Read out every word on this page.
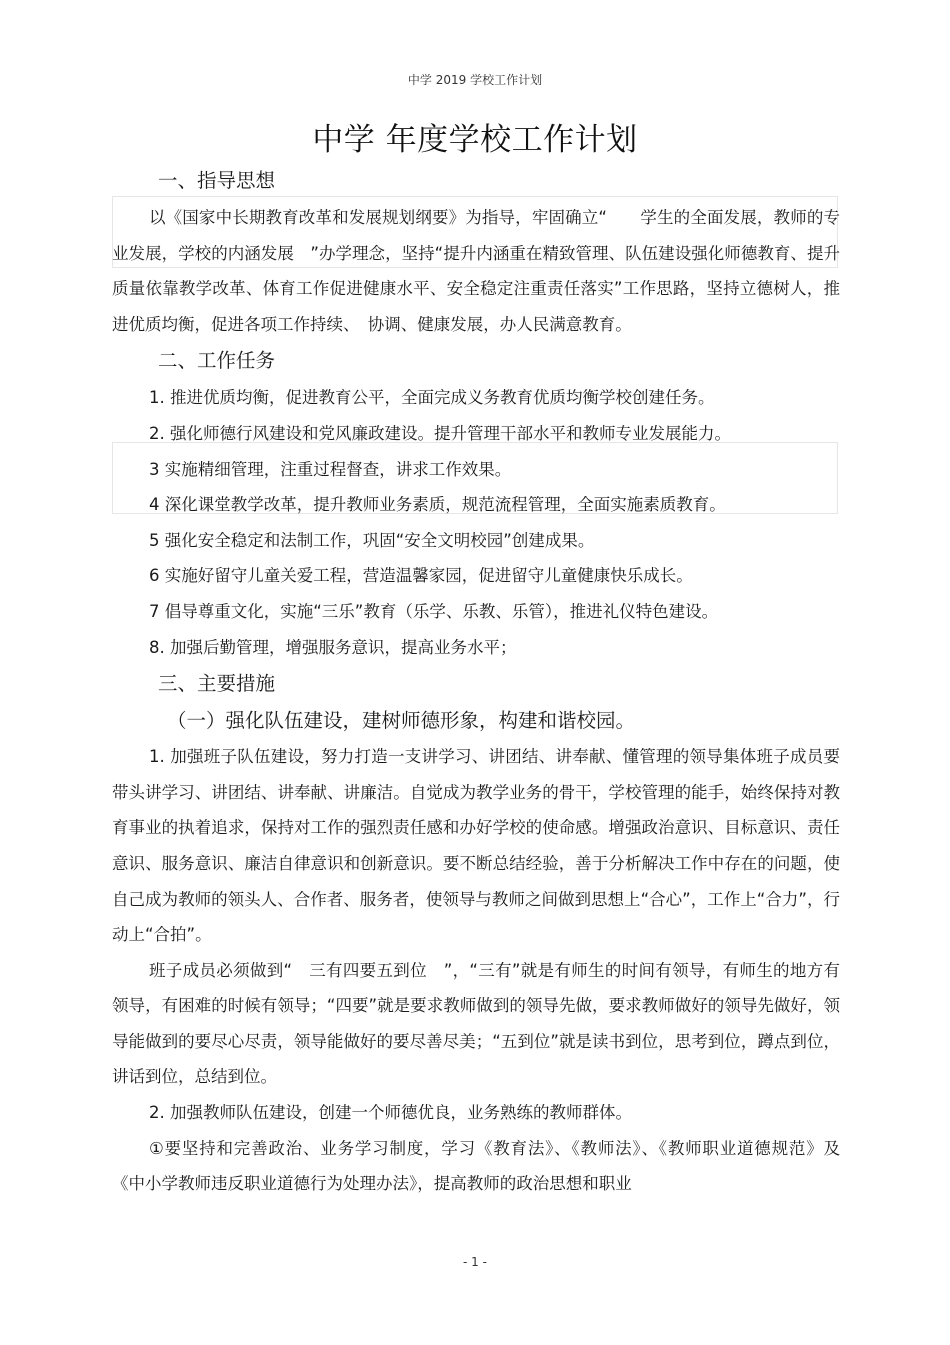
中学 2019 学校工作计划
中学 年度学校工作计划

一、指导思想

以《国家中长期教育改革和发展规划纲要》为指导，牢固确立“　　学生的全面发展，教师的专业发展，学校的内涵发展　”办学理念，坚持“提升内涵重在精致管理、队伍建设强化师德教育、提升质量依靠教学改革、体育工作促进健康水平、安全稳定注重责任落实”工作思路，坚持立德树人，推进优质均衡，促进各项工作持续、　协调、健康发展，办人民满意教育。

二、工作任务

1. 推进优质均衡，促进教育公平，全面完成义务教育优质均衡学校创建任务。

2. 强化师德行风建设和党风廉政建设。提升管理干部水平和教师专业发展能力。

3 实施精细管理，注重过程督查，讲求工作效果。

4 深化课堂教学改革，提升教师业务素质，规范流程管理，全面实施素质教育。

5 强化安全稳定和法制工作，巩固“安全文明校园”创建成果。

6 实施好留守儿童关爱工程，营造温馨家园，促进留守儿童健康快乐成长。

7 倡导尊重文化，实施“三乐”教育（乐学、乐教、乐管），推进礼仪特色建设。

8. 加强后勤管理，增强服务意识，提高业务水平；

三、主要措施

（一）强化队伍建设，建树师德形象，构建和谐校园。

1. 加强班子队伍建设，努力打造一支讲学习、讲团结、讲奉献、懂管理的领导集体班子成员要带头讲学习、讲团结、讲奉献、讲廉洁。自觉成为教学业务的骨干，学校管理的能手，始终保持对教育事业的执着追求，保持对工作的强烈责任感和办好学校的使命感。增强政治意识、目标意识、责任意识、服务意识、廉洁自律意识和创新意识。要不断总结经验，善于分析解决工作中存在的问题，使自己成为教师的领头人、合作者、服务者，使领导与教师之间做到思想上“合心”，工作上“合力”，行动上“合拍”。

班子成员必须做到“　三有四要五到位　”，“三有”就是有师生的时间有领导，有师生的地方有领导，有困难的时候有领导；“四要”就是要求教师做到的领导先做，要求教师做好的领导先做好，领导能做到的要尽心尽责，领导能做好的要尽善尽美；“五到位”就是读书到位，思考到位，蹲点到位，讲话到位，总结到位。

2. 加强教师队伍建设，创建一个师德优良，业务熟练的教师群体。

①要坚持和完善政治、业务学习制度，学习《教育法》、《教师法》、《教师职业道德规范》及《中小学教师违反职业道德行为处理办法》，提高教师的政治思想和职业

- 1 -
